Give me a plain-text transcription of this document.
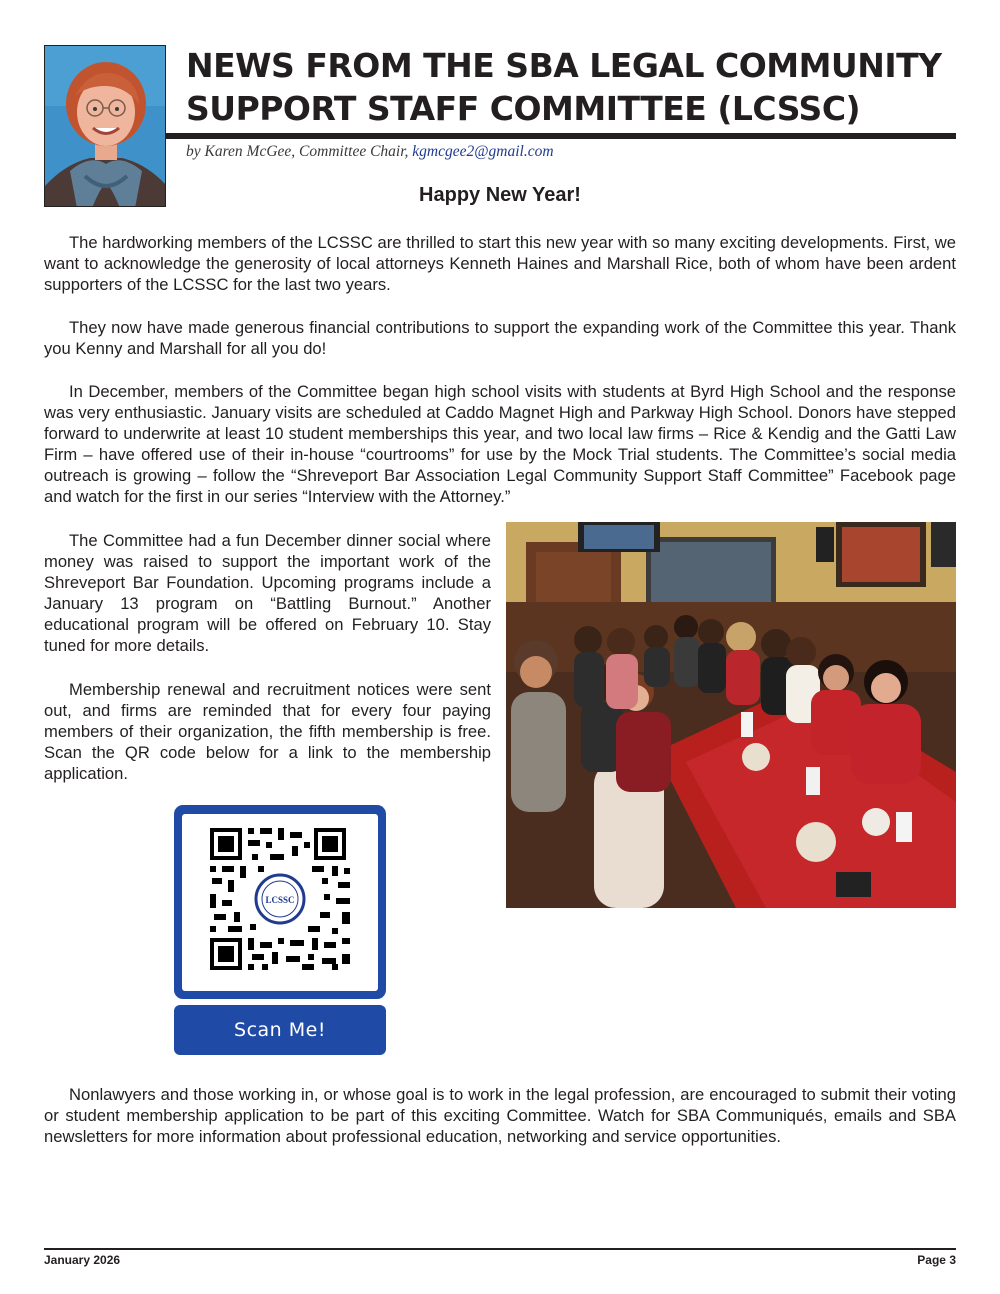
NEWS FROM THE SBA LEGAL COMMUNITY
SUPPORT STAFF COMMITTEE (LCSSC)
by Karen McGee, Committee Chair, kgmcgee2@gmail.com
Happy New Year!

The hardworking members of the LCSSC are thrilled to start this new year with so many exciting developments. First, we want to acknowledge the generosity of local attorneys Kenneth Haines and Marshall Rice, both of whom have been ardent supporters of the LCSSC for the last two years.

They now have made generous financial contributions to support the expanding work of the Committee this year. Thank you Kenny and Marshall for all you do!

In December, members of the Committee began high school visits with students at Byrd High School and the response was very enthusiastic. January visits are scheduled at Caddo Magnet High and Parkway High School. Donors have stepped forward to underwrite at least 10 student memberships this year, and two local law firms – Rice & Kendig and the Gatti Law Firm – have offered use of their in-house “courtrooms” for use by the Mock Trial students. The Committee’s social media outreach is growing – follow the “Shreveport Bar Association Legal Community Support Staff Committee” Facebook page and watch for the first in our series “Interview with the Attorney.”

The Committee had a fun December dinner social where money was raised to support the important work of the Shreveport Bar Foundation. Upcoming programs include a January 13 program on “Battling Burnout.” Another educational program will be offered on February 10. Stay tuned for more details.

Membership renewal and recruitment notices were sent out, and firms are reminded that for every four paying members of their organization, the fifth membership is free. Scan the QR code below for a link to the membership application.

Nonlawyers and those working in, or whose goal is to work in the legal profession, are encouraged to submit their voting or student membership application to be part of this exciting Committee. Watch for SBA Communiqués, emails and SBA newsletters for more information about professional education, networking and service opportunities.

LCSSC
Scan Me!
January 2026	Page 3
